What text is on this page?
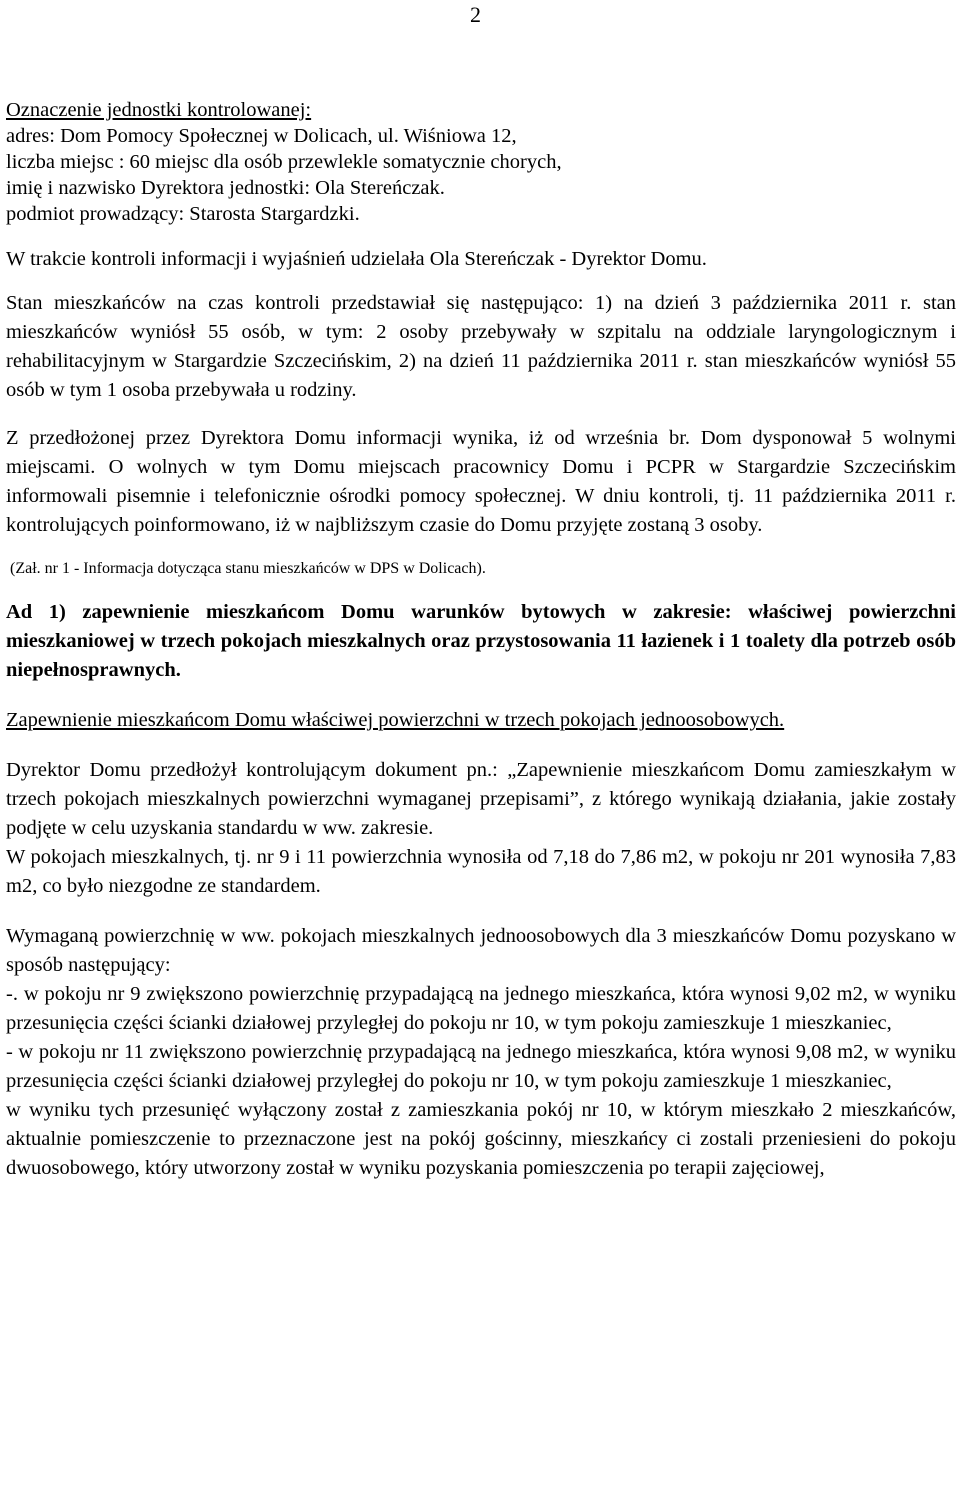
2
Oznaczenie jednostki kontrolowanej:
adres: Dom Pomocy Społecznej w Dolicach, ul. Wiśniowa 12,
liczba miejsc : 60 miejsc dla osób przewlekle somatycznie chorych,
imię i nazwisko Dyrektora jednostki: Ola Stereńczak.
podmiot prowadzący: Starosta Stargardzki.

W trakcie kontroli informacji i wyjaśnień udzielała Ola Stereńczak - Dyrektor Domu.

Stan mieszkańców na czas kontroli przedstawiał się następująco: 1) na dzień 3 października 2011 r. stan mieszkańców wyniósł 55 osób, w tym: 2 osoby przebywały w szpitalu na oddziale laryngologicznym i rehabilitacyjnym w Stargardzie Szczecińskim, 2) na dzień 11 października 2011 r. stan mieszkańców wyniósł 55 osób w tym 1 osoba przebywała u rodziny.

Z przedłożonej przez Dyrektora Domu informacji wynika, iż od września br. Dom dysponował 5 wolnymi miejscami. O wolnych w tym Domu miejscach pracownicy Domu i PCPR w Stargardzie Szczecińskim informowali pisemnie i telefonicznie ośrodki pomocy społecznej. W dniu kontroli, tj. 11 października 2011 r. kontrolujących poinformowano, iż w najbliższym czasie do Domu przyjęte zostaną 3 osoby.

(Zał. nr 1 - Informacja dotycząca stanu mieszkańców w DPS w Dolicach).

Ad 1) zapewnienie mieszkańcom Domu warunków bytowych w zakresie: właściwej powierzchni mieszkaniowej w trzech pokojach mieszkalnych oraz przystosowania 11 łazienek i 1 toalety dla potrzeb osób niepełnosprawnych.

Zapewnienie mieszkańcom Domu właściwej powierzchni w trzech pokojach jednoosobowych.

Dyrektor Domu przedłożył kontrolującym dokument pn.: „Zapewnienie mieszkańcom Domu zamieszkałym w trzech pokojach mieszkalnych powierzchni wymaganej przepisami”, z którego wynikają działania, jakie zostały podjęte w celu uzyskania standardu w ww. zakresie.

W pokojach mieszkalnych, tj. nr 9 i 11 powierzchnia wynosiła od 7,18 do 7,86 m2, w pokoju nr 201 wynosiła 7,83 m2, co było niezgodne ze standardem.

Wymaganą powierzchnię w ww. pokojach mieszkalnych jednoosobowych dla 3 mieszkańców Domu pozyskano w sposób następujący:

-. w pokoju nr 9 zwiększono powierzchnię przypadającą na jednego mieszkańca, która wynosi 9,02 m2, w wyniku przesunięcia części ścianki działowej przyległej do pokoju nr 10, w tym pokoju zamieszkuje 1 mieszkaniec,

- w pokoju nr 11 zwiększono powierzchnię przypadającą na jednego mieszkańca, która wynosi 9,08 m2, w wyniku przesunięcia części ścianki działowej przyległej do pokoju nr 10, w tym pokoju zamieszkuje 1 mieszkaniec,

w wyniku tych przesunięć wyłączony został z zamieszkania pokój nr 10, w którym mieszkało 2 mieszkańców, aktualnie pomieszczenie to przeznaczone jest na pokój gościnny, mieszkańcy ci zostali przeniesieni do pokoju dwuosobowego, który utworzony został w wyniku pozyskania pomieszczenia po terapii zajęciowej,
